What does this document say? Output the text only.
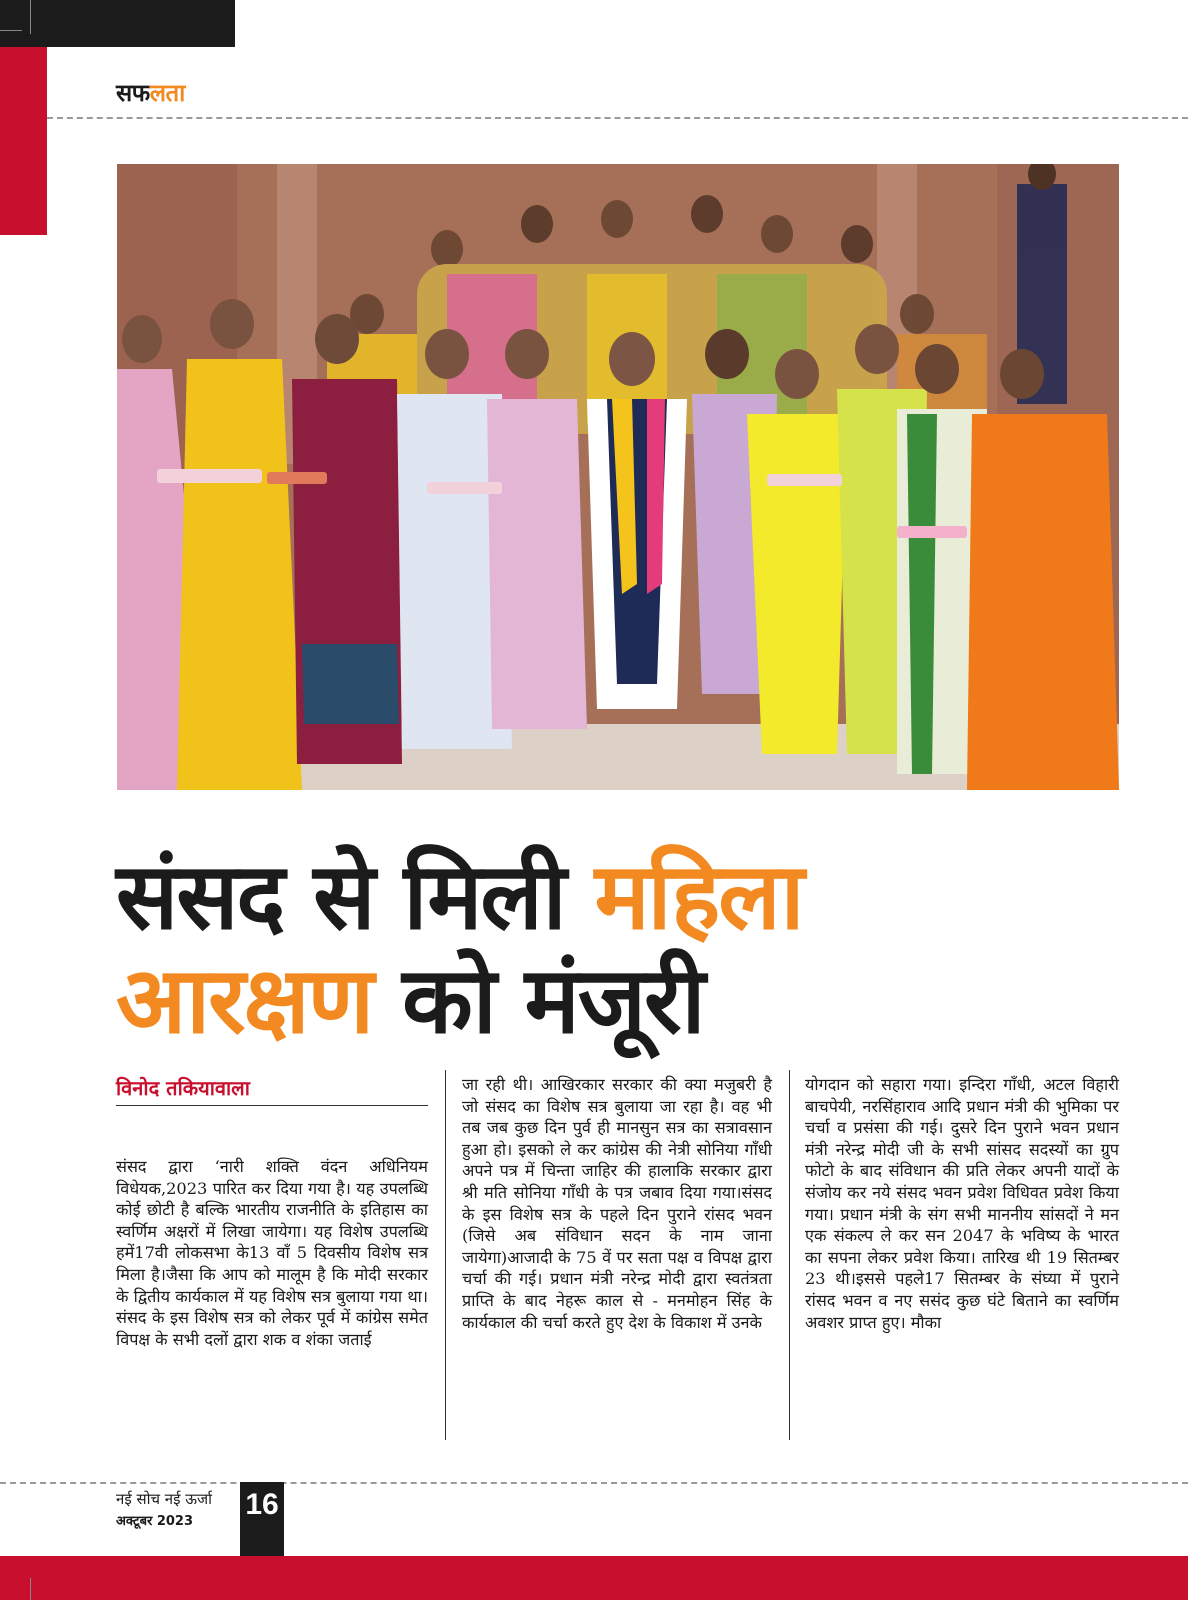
सफलता
संसद से मिली महिला
आरक्षण को मंजूरी
विनोद तकियावाला
संसद द्वारा ‘नारी शक्ति वंदन अधिनियम विधेयक,2023 पारित कर दिया गया है। यह उपलब्धि कोई छोटी है बल्कि भारतीय राजनीति के इतिहास का स्वर्णिम अक्षरों में लिखा जायेगा। यह विशेष उपलब्धि हमें17वी लोकसभा के13 वाँ 5 दिवसीय विशेष सत्र मिला है।जैसा कि आप को मालूम है कि मोदी सरकार के द्वितीय कार्यकाल में यह विशेष सत्र बुलाया गया था।संसद के इस विशेष सत्र को लेकर पूर्व में कांग्रेस समेत विपक्ष के सभी दलों द्वारा शक व शंका जताई
जा रही थी। आखिरकार सरकार की क्या मजुबरी है जो संसद का विशेष सत्र बुलाया जा रहा है। वह भी तब जब कुछ दिन पुर्व ही मानसुन सत्र का सत्रावसान हुआ हो। इसको ले कर कांग्रेस की नेत्री सोनिया गाँधी अपने पत्र में चिन्ता जाहिर की हालाकि सरकार द्वारा श्री मति सोनिया गाँधी के पत्र जबाव दिया गया।संसद के इस विशेष सत्र के पहले दिन पुराने रांसद भवन (जिसे अब संविधान सदन के नाम जाना जायेगा)आजादी के 75 वें पर सता पक्ष व विपक्ष द्वारा चर्चा की गई। प्रधान मंत्री नरेन्द्र मोदी द्वारा स्वतंत्रता प्राप्ति के बाद नेहरू काल से - मनमोहन सिंह के कार्यकाल की चर्चा करते हुए देश के विकाश में उनके
योगदान को सहारा गया। इन्दिरा गाँधी, अटल विहारी बाचपेयी, नरसिंहाराव आदि प्रधान मंत्री की भुमिका पर चर्चा व प्रसंसा की गई। दुसरे दिन पुराने भवन प्रधान मंत्री नरेन्द्र मोदी जी के सभी सांसद सदस्यों का ग्रुप फोटो के बाद संविधान की प्रति लेकर अपनी यादों के संजोय कर नये संसद भवन प्रवेश विधिवत प्रवेश किया गया। प्रधान मंत्री के संग सभी माननीय सांसदों ने मन एक संकल्प ले कर सन 2047 के भविष्य के भारत का सपना लेकर प्रवेश किया। तारिख थी 19 सितम्बर 23 थी।इससे पहले17 सितम्बर के संघ्या में पुराने रांसद भवन व नए ससंद कुछ घंटे बिताने का स्वर्णिम अवशर प्राप्त हुए। मौका
नई सोच नई ऊर्जा
अक्टूबर 2023
16
